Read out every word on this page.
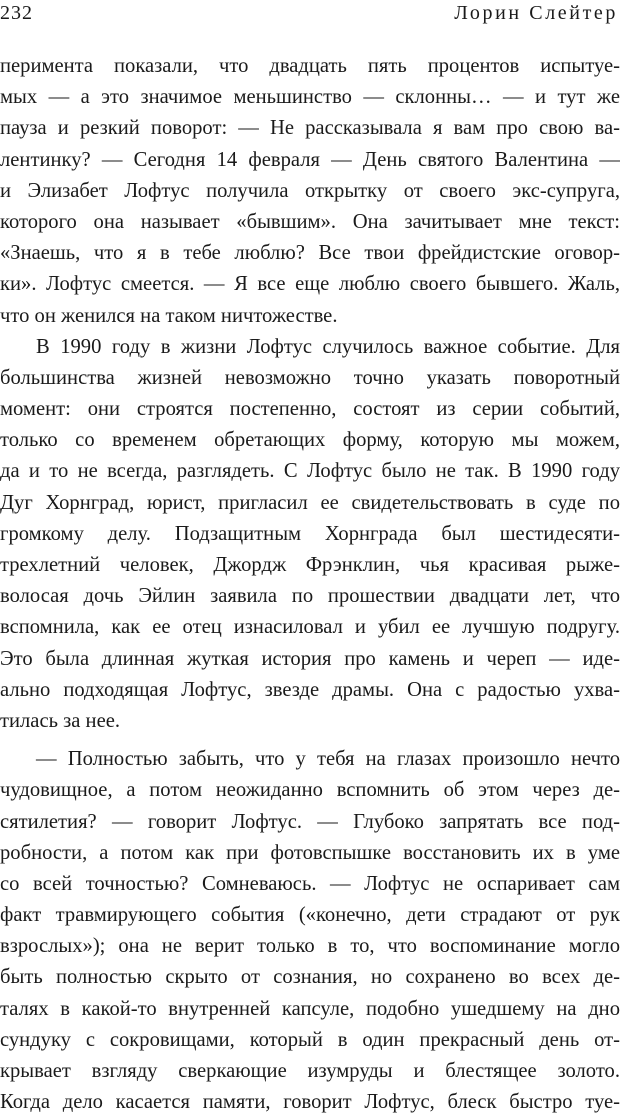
232	Лорин Слейтер
перимента показали, что двадцать пять процентов испытуе-
мых — а это значимое меньшинство — склонны… — и тут же
пауза и резкий поворот: — Не рассказывала я вам про свою ва-
лентинку? — Сегодня 14 февраля — День святого Валентина —
и Элизабет Лофтус получила открытку от своего экс-супруга,
которого она называет «бывшим». Она зачитывает мне текст:
«Знаешь, что я в тебе люблю? Все твои фрейдистские оговор-
ки». Лофтус смеется. — Я все еще люблю своего бывшего. Жаль,
что он женился на таком ничтожестве.
В 1990 году в жизни Лофтус случилось важное событие. Для
большинства жизней невозможно точно указать поворотный
момент: они строятся постепенно, состоят из серии событий,
только со временем обретающих форму, которую мы можем,
да и то не всегда, разглядеть. С Лофтус было не так. В 1990 году
Дуг Хорнград, юрист, пригласил ее свидетельствовать в суде по
громкому делу. Подзащитным Хорнграда был шестидесяти-
трехлетний человек, Джордж Фрэнклин, чья красивая рыже-
волосая дочь Эйлин заявила по прошествии двадцати лет, что
вспомнила, как ее отец изнасиловал и убил ее лучшую подругу.
Это была длинная жуткая история про камень и череп — иде-
ально подходящая Лофтус, звезде драмы. Она с радостью ухва-
тилась за нее.
— Полностью забыть, что у тебя на глазах произошло нечто
чудовищное, а потом неожиданно вспомнить об этом через де-
сятилетия? — говорит Лофтус. — Глубоко запрятать все под-
робности, а потом как при фотовспышке восстановить их в уме
со всей точностью? Сомневаюсь. — Лофтус не оспаривает сам
факт травмирующего события («конечно, дети страдают от рук
взрослых»); она не верит только в то, что воспоминание могло
быть полностью скрыто от сознания, но сохранено во всех де-
талях в какой-то внутренней капсуле, подобно ушедшему на дно
сундуку с сокровищами, который в один прекрасный день от-
крывает взгляду сверкающие изумруды и блестящее золото.
Когда дело касается памяти, говорит Лофтус, блеск быстро туе-
